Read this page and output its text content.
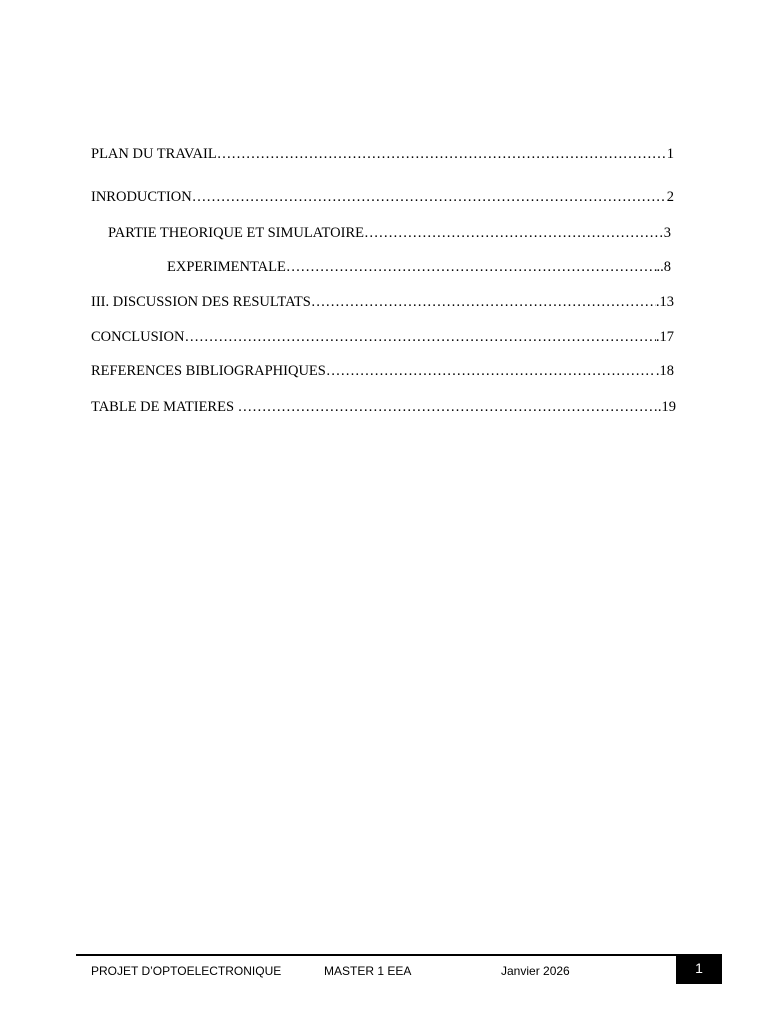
PLAN DU TRAVAIL ……………………………………………………………………………………………………………………………………………………………………………………	1
INRODUCTION ……………………………………………………………………………………………………………………………………………………………………………………	2
PARTIE THEORIQUE ET SIMULATOIRE ……………………………………………………………………………………………………………………………………………………………………………………	3
EXPERIMENTALE ……………………………………………………………………………………………………………………………………………………………………………………	..8
III. DISCUSSION DES RESULTATS ……………………………………………………………………………………………………………………………………………………………………………………	.13
CONCLUSION ……………………………………………………………………………………………………………………………………………………………………………………	.17
REFERENCES BIBLIOGRAPHIQUES ……………………………………………………………………………………………………………………………………………………………………………………	.18
TABLE DE MATIERES ……………………………………………………………………………………………………………………………………………………………………………………	.19
PROJET D’OPTOELECTRONIQUE	MASTER 1 EEA	Janvier 2026	1
